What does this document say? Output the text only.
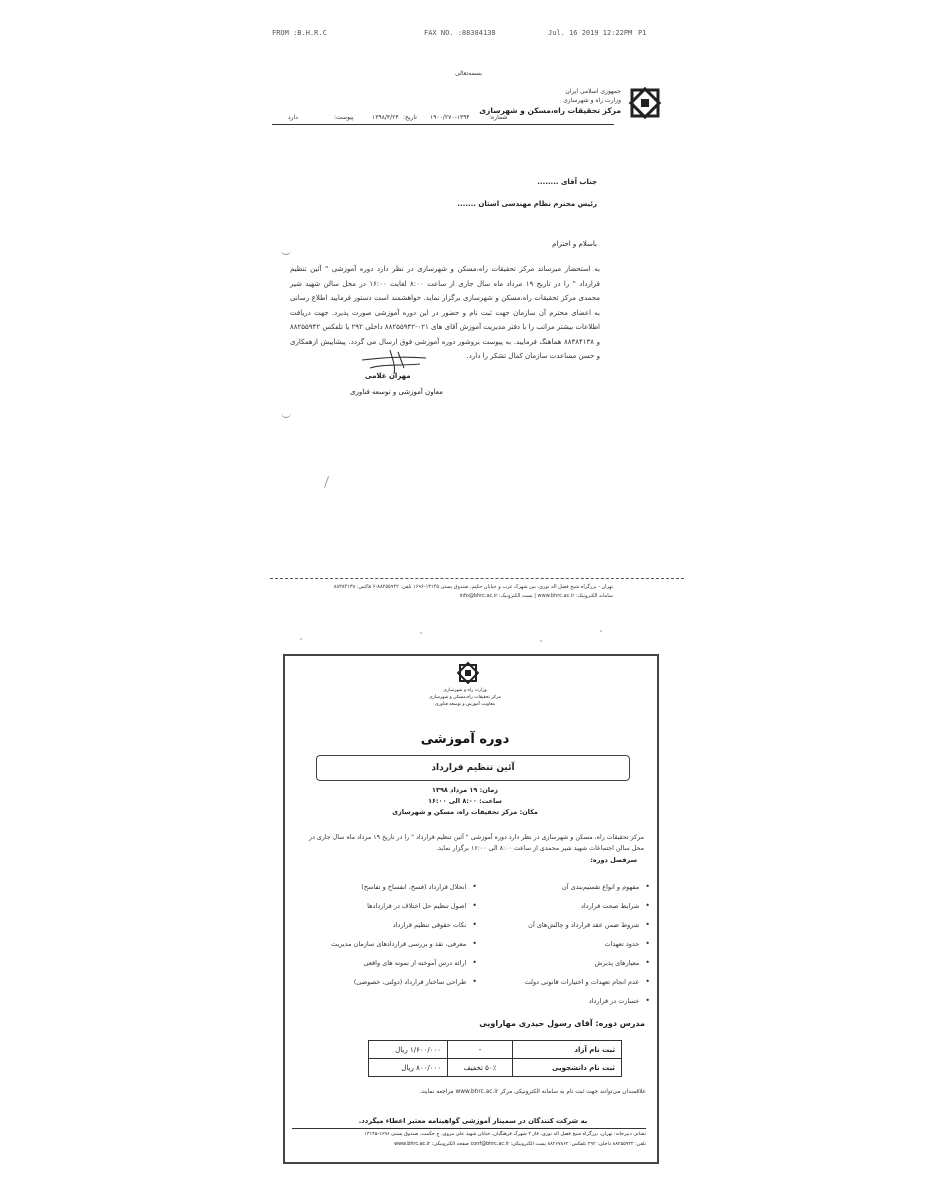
FROM :B.H.R.C	FAX NO. :88384138	Jul. 16 2019 12:22PM P1
بسمه‌تعالی
جمهوری اسلامی ایران
وزارت راه و شهرسازی
مرکز تحقیقات راه،مسکن و شهرسازی
شماره:
۱۹۰۰/۲۷۰-۱۳۹۴
تاریخ:
۱۳۹۸/۳/۲۴
پیوست:
دارد
جناب آقای ........
رئیس محترم نظام مهندسی استان .......
باسلام و احترام
به استحضار میرساند مرکز تحقیقات راه،مسکن و شهرسازی در نظر دارد دوره آموزشی " آئین تنظیم قرارداد " را در تاریخ ۱۹ مرداد ماه سال جاری از ساعت ۸:۰۰ لغایت ۱۶:۰۰ در محل سالن شهید شیر محمدی مرکز تحقیقات راه،مسکن و شهرسازی برگزار نماید. خواهشمند است دستور فرمایید اطلاع رسانی به اعضای محترم آن سازمان جهت ثبت نام و حضور در این دوره آموزشی صورت پذیرد. جهت دریافت اطلاعات بیشتر مراتب را با دفتر مدیریت آموزش آقای های ۰۲۱-۸۸۲۵۵۹۴۲ داخلی ۲۹۲ یا تلفکس ۸۸۲۵۵۹۴۲ و ۸۸۳۸۴۱۳۸ هماهنگ فرمایید. به پیوست بروشور دوره آموزشی فوق ارسال می گردد. پیشاپیش ازهمکاری و حسن مساعدت سازمان کمال تشکر را دارد.
مهران غلامی
معاون آموزشی و توسعه فناوری
تهران - بزرگراه شیخ فضل اله نوری، بین شهرک غرب و خیابان حکیم، صندوق پستی ۱۳۱۴۵-۱۶۹۶ تلفن: ۸۸۲۵۵۹۴۲-۶ فاکس: ۸۸۳۸۴۱۳۸
سامانه الکترونیک: www.bhrc.ac.ir | پست الکترونیک: info@bhrc.ac.ir
وزارت راه و شهرسازی
مرکز تحقیقات راه،مسکن و شهرسازی
معاونت آموزش و توسعه فناوری
دوره آموزشی
آئین تنظیم قرارداد
زمان: ۱۹ مرداد ۱۳۹۸
ساعت: ۸:۰۰ الی ۱۶:۰۰
مکان: مرکز تحقیقات راه، مسکن و شهرسازی
مرکز تحقیقات راه، مسکن و شهرسازی در نظر دارد دوره آموزشی " آئین تنظیم قرارداد " را در تاریخ ۱۹ مرداد ماه سال جاری در محل سالن اجتماعات شهید شیر محمدی از ساعت ۸:۰۰ الی ۱۶:۰۰ برگزار نماید.
سرفصل دوره:
•مفهوم و انواع تقسیم‌بندی آن
•شرایط صحت قرارداد
•شروط ضمن عقد قرارداد و چالش‌های آن
•حدود تعهدات
•معیارهای پذیرش
•عدم انجام تعهدات و اختیارات قانونی دولت
•خسارت در قرارداد
•انحلال قرارداد (فسخ، انفساخ و تفاسخ)
•اصول تنظیم حل اختلاف در قراردادها
•نکات حقوقی تنظیم قرارداد
•معرفی، نقد و بررسی قراردادهای سازمان مدیریت
•ارائه درس آموخته از نمونه های واقعی
•طراحی ساختار قرارداد (دولتی، خصوصی)
مدرس دوره: آقای رسول حیدری مهاراویی
ثبت نام آزاد	-	۱/۶۰۰/۰۰۰ ریال
ثبت نام دانشجویی	۵۰٪ تخفیف	۸۰۰/۰۰۰ ریال
علاقمندان می‌توانند جهت ثبت نام به سامانه الکترونیکی مرکز www.bhrc.ac.ir مراجعه نمایند.
به شرکت کنندگان در سمینار آموزشی گواهینامه معتبر اعطاء میگردد.
نشانی دبیرخانه: تهران، بزرگراه شیخ فضل اله نوری، فاز ۲ شهرک فرهنگیان، خیابان شهید علی مروی، ج حکمت، صندوق پستی ۱۶۹۶-۱۳۱۴۵
تلفن: ۸۸۲۵۵۹۴۲ داخلی: ۲۹۲ تلفکس: ۸۸۲۶۷۸۶۲ پست الکترونیکی: conf@bhrc.ac.ir صفحه الکترونیکی: www.bhrc.ac.ir
